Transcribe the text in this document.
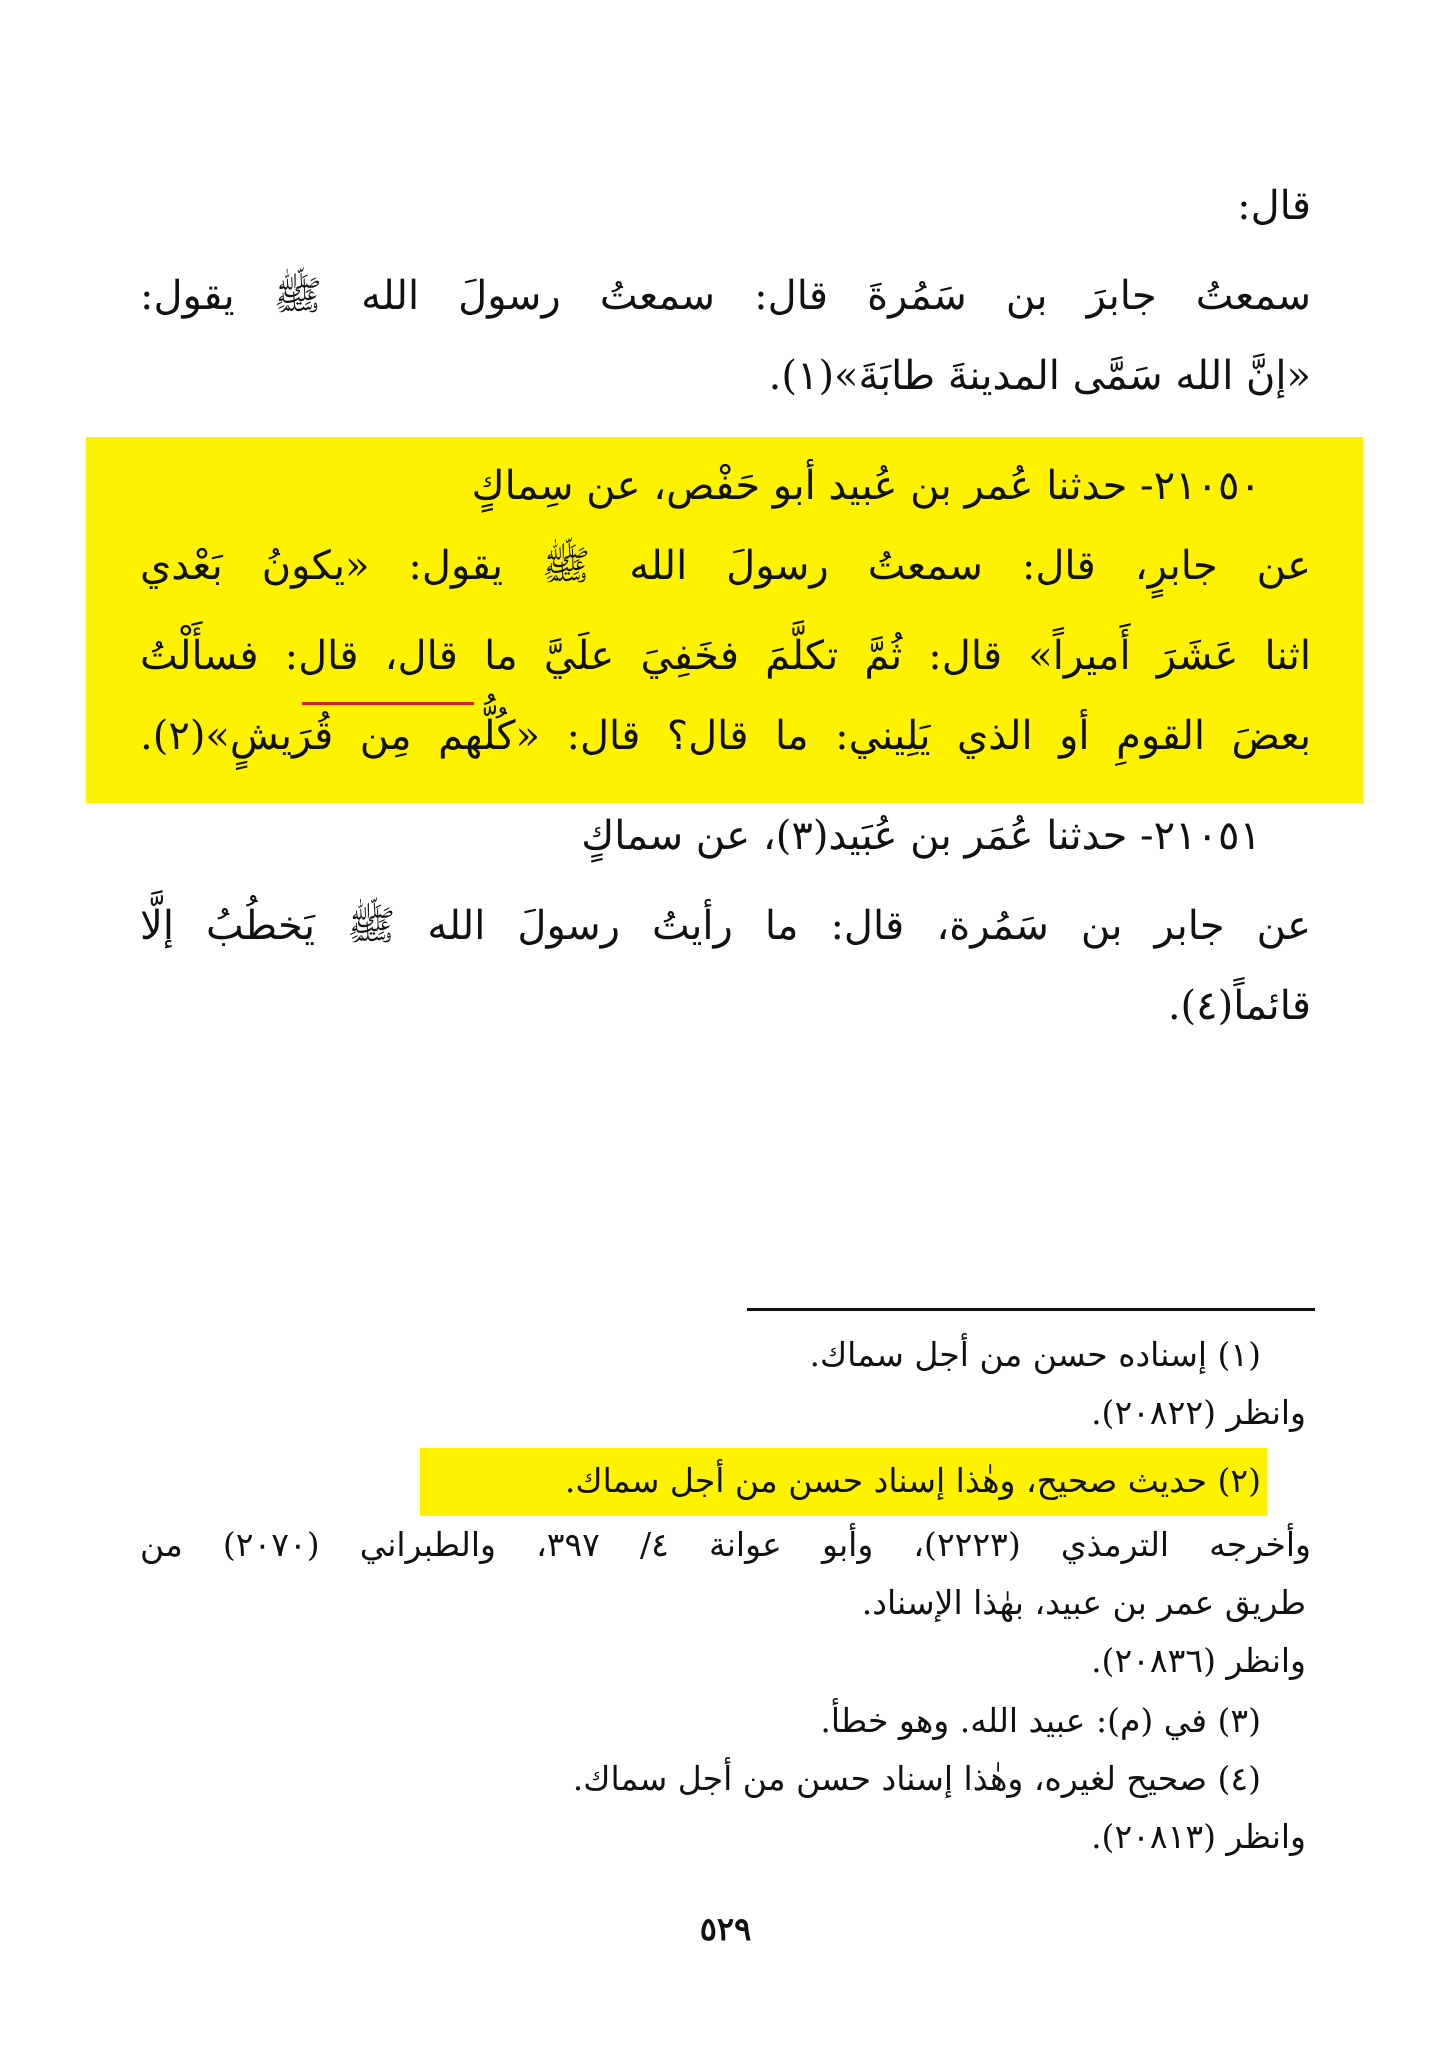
قال:
سمعتُ جابرَ بن سَمُرةَ قال: سمعتُ رسولَ الله ﷺ يقول:
«إنَّ الله سَمَّى المدينةَ طابَةَ»(١).
٢١٠٥٠- حدثنا عُمر بن عُبيد أبو حَفْص، عن سِماكٍ
عن جابرٍ، قال: سمعتُ رسولَ الله ﷺ يقول: «يكونُ بَعْدي
اثنا عَشَرَ أَميراً» قال: ثُمَّ تكلَّمَ فخَفِيَ علَيَّ ما قال، قال: فسأَلْتُ
بعضَ القومِ أو الذي يَلِيني: ما قال؟ قال: «كُلُّهم مِن قُرَيشٍ»(٢).
٢١٠٥١- حدثنا عُمَر بن عُبَيد(٣)، عن سماكٍ
عن جابر بن سَمُرة، قال: ما رأيتُ رسولَ الله ﷺ يَخطُبُ إلَّا
قائماً(٤).
(١) إسناده حسن من أجل سماك.
وانظر (٢٠٨٢٢).
(٢) حديث صحيح، وهٰذا إسناد حسن من أجل سماك.
وأخرجه الترمذي (٢٢٢٣)، وأبو عوانة ٤/ ٣٩٧، والطبراني (٢٠٧٠) من
طريق عمر بن عبيد، بهٰذا الإسناد.
وانظر (٢٠٨٣٦).
(٣) في (م): عبيد الله. وهو خطأ.
(٤) صحيح لغيره، وهٰذا إسناد حسن من أجل سماك.
وانظر (٢٠٨١٣).
٥٢٩
